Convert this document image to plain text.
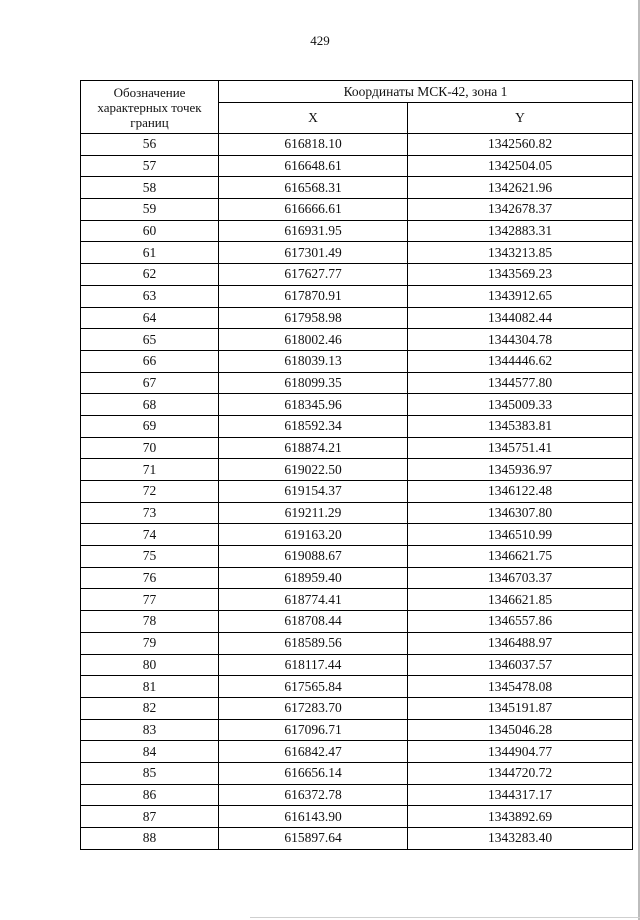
429
Обозначение характерных точек границ	Координаты МСК-42, зона 1	
	X	Y
56	616818.10	1342560.82
57	616648.61	1342504.05
58	616568.31	1342621.96
59	616666.61	1342678.37
60	616931.95	1342883.31
61	617301.49	1343213.85
62	617627.77	1343569.23
63	617870.91	1343912.65
64	617958.98	1344082.44
65	618002.46	1344304.78
66	618039.13	1344446.62
67	618099.35	1344577.80
68	618345.96	1345009.33
69	618592.34	1345383.81
70	618874.21	1345751.41
71	619022.50	1345936.97
72	619154.37	1346122.48
73	619211.29	1346307.80
74	619163.20	1346510.99
75	619088.67	1346621.75
76	618959.40	1346703.37
77	618774.41	1346621.85
78	618708.44	1346557.86
79	618589.56	1346488.97
80	618117.44	1346037.57
81	617565.84	1345478.08
82	617283.70	1345191.87
83	617096.71	1345046.28
84	616842.47	1344904.77
85	616656.14	1344720.72
86	616372.78	1344317.17
87	616143.90	1343892.69
88	615897.64	1343283.40
